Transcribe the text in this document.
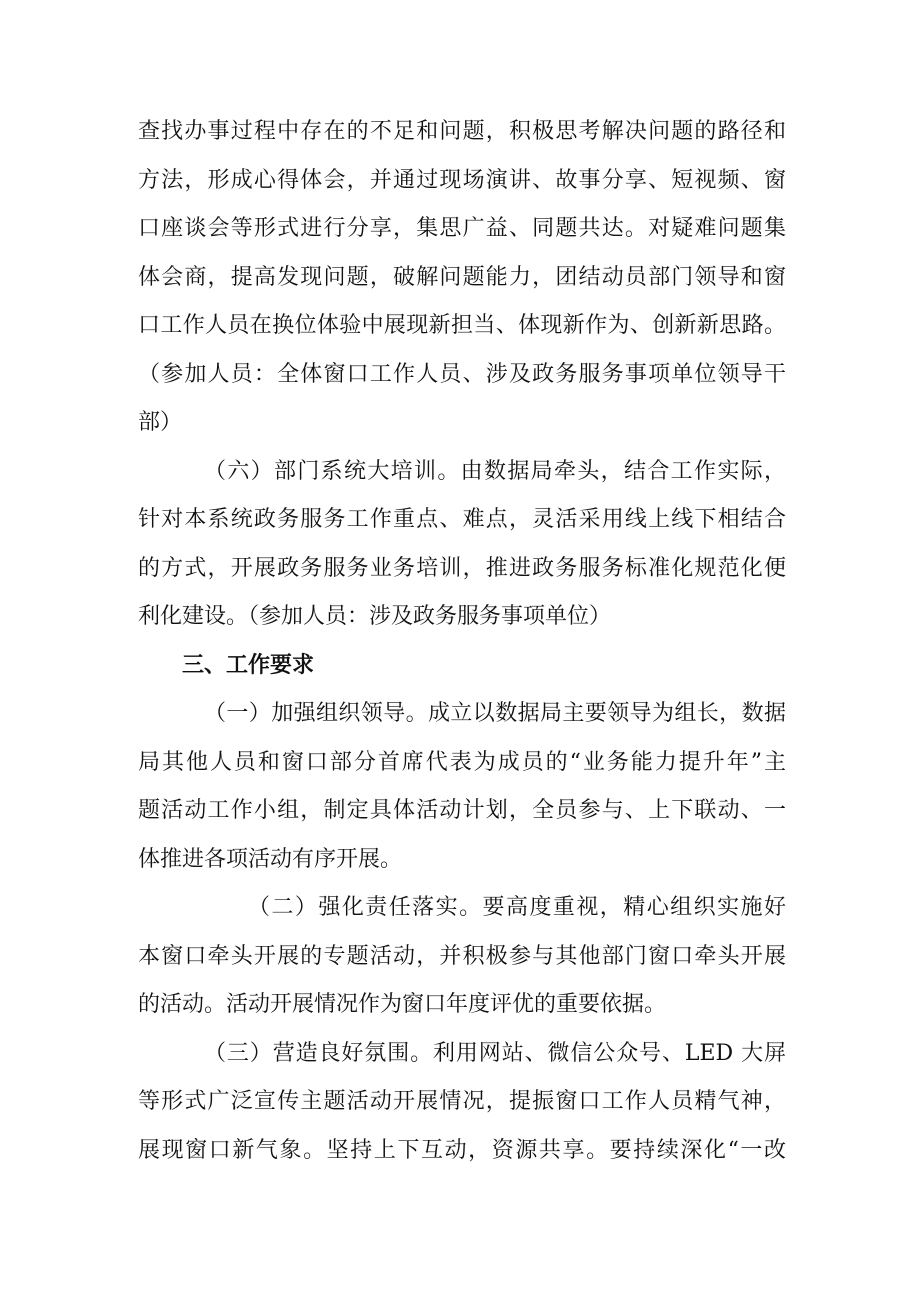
查找办事过程中存在的不足和问题，积极思考解决问题的路径和
方法，形成心得体会，并通过现场演讲、故事分享、短视频、窗
口座谈会等形式进行分享，集思广益、同题共达。对疑难问题集
体会商，提高发现问题，破解问题能力，团结动员部门领导和窗
口工作人员在换位体验中展现新担当、体现新作为、创新新思路。
（参加人员：全体窗口工作人员、涉及政务服务事项单位领导干
部）
（六）部门系统大培训。由数据局牵头，结合工作实际，
针对本系统政务服务工作重点、难点，灵活采用线上线下相结合
的方式，开展政务服务业务培训，推进政务服务标准化规范化便
利化建设。（参加人员：涉及政务服务事项单位）
三、工作要求
（一）加强组织领导。成立以数据局主要领导为组长，数据
局其他人员和窗口部分首席代表为成员的“业务能力提升年”主
题活动工作小组，制定具体活动计划，全员参与、上下联动、一
体推进各项活动有序开展。
（二）强化责任落实。要高度重视，精心组织实施好
本窗口牵头开展的专题活动，并积极参与其他部门窗口牵头开展
的活动。活动开展情况作为窗口年度评优的重要依据。
（三）营造良好氛围。利用网站、微信公众号、LED 大屏
等形式广泛宣传主题活动开展情况，提振窗口工作人员精气神，
展现窗口新气象。坚持上下互动，资源共享。要持续深化“一改
